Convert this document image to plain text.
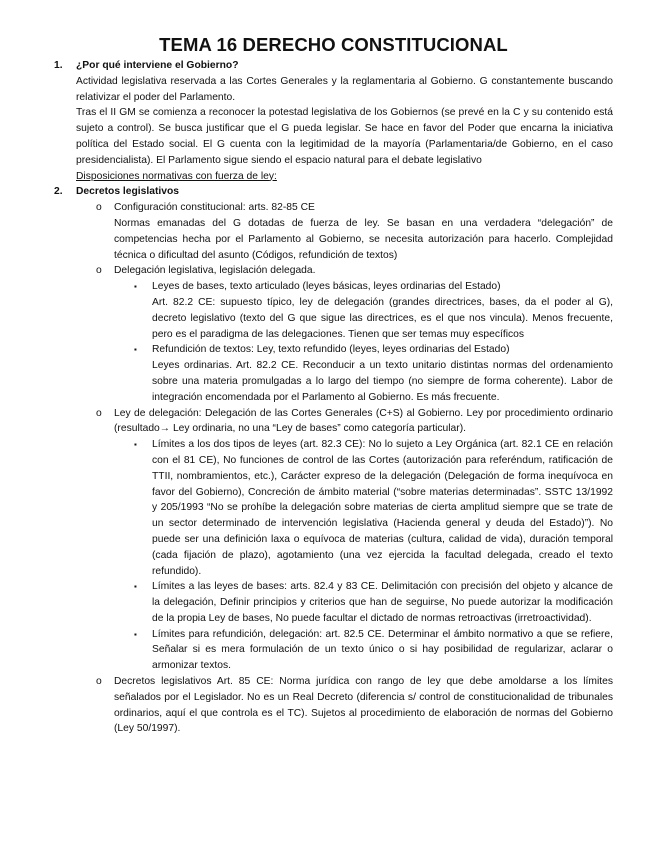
TEMA 16 DERECHO CONSTITUCIONAL
1. ¿Por qué interviene el Gobierno?

Actividad legislativa reservada a las Cortes Generales y la reglamentaria al Gobierno. G constantemente buscando relativizar el poder del Parlamento.

Tras el II GM se comienza a reconocer la potestad legislativa de los Gobiernos (se prevé en la C y su contenido está sujeto a control). Se busca justificar que el G pueda legislar. Se hace en favor del Poder que encarna la iniciativa política del Estado social. El G cuenta con la legitimidad de la mayoría (Parlamentaria/de Gobierno, en el caso presidencialista). El Parlamento sigue siendo el espacio natural para el debate legislativo

Disposiciones normativas con fuerza de ley:

2. Decretos legislativos
o Configuración constitucional: arts. 82-85 CE

Normas emanadas del G dotadas de fuerza de ley. Se basan en una verdadera “delegación” de competencias hecha por el Parlamento al Gobierno, se necesita autorización para hacerlo. Complejidad técnica o dificultad del asunto (Códigos, refundición de textos)

o Delegación legislativa, legislación delegada.

▪ Leyes de bases, texto articulado (leyes básicas, leyes ordinarias del Estado)

Art. 82.2 CE: supuesto típico, ley de delegación (grandes directrices, bases, da el poder al G), decreto legislativo (texto del G que sigue las directrices, es el que nos vincula). Menos frecuente, pero es el paradigma de las delegaciones. Tienen que ser temas muy específicos

▪ Refundición de textos: Ley, texto refundido (leyes, leyes ordinarias del Estado)

Leyes ordinarias. Art. 82.2 CE. Reconducir a un texto unitario distintas normas del ordenamiento sobre una materia promulgadas a lo largo del tiempo (no siempre de forma coherente). Labor de integración encomendada por el Parlamento al Gobierno. Es más frecuente.

o Ley de delegación: Delegación de las Cortes Generales (C+S) al Gobierno. Ley por procedimiento ordinario (resultado→ Ley ordinaria, no una “Ley de bases” como categoría particular).

▪ Límites a los dos tipos de leyes (art. 82.3 CE): No lo sujeto a Ley Orgánica (art. 82.1 CE en relación con el 81 CE), No funciones de control de las Cortes (autorización para referéndum, ratificación de TTII, nombramientos, etc.), Carácter expreso de la delegación (Delegación de forma inequívoca en favor del Gobierno), Concreción de ámbito material (“sobre materias determinadas”. SSTC 13/1992 y 205/1993 “No se prohíbe la delegación sobre materias de cierta amplitud siempre que se trate de un sector determinado de intervención legislativa (Hacienda general y deuda del Estado)”). No puede ser una definición laxa o equívoca de materias (cultura, calidad de vida), duración temporal (cada fijación de plazo), agotamiento (una vez ejercida la facultad delegada, creado el texto refundido).

▪ Límites a las leyes de bases: arts. 82.4 y 83 CE. Delimitación con precisión del objeto y alcance de la delegación, Definir principios y criterios que han de seguirse, No puede autorizar la modificación de la propia Ley de bases, No puede facultar el dictado de normas retroactivas (irretroactividad).

▪ Límites para refundición, delegación: art. 82.5 CE. Determinar el ámbito normativo a que se refiere, Señalar si es mera formulación de un texto único o si hay posibilidad de regularizar, aclarar o armonizar textos.

o Decretos legislativos Art. 85 CE: Norma jurídica con rango de ley que debe amoldarse a los límites señalados por el Legislador. No es un Real Decreto (diferencia s/ control de constitucionalidad de tribunales ordinarios, aquí el que controla es el TC). Sujetos al procedimiento de elaboración de normas del Gobierno (Ley 50/1997).
